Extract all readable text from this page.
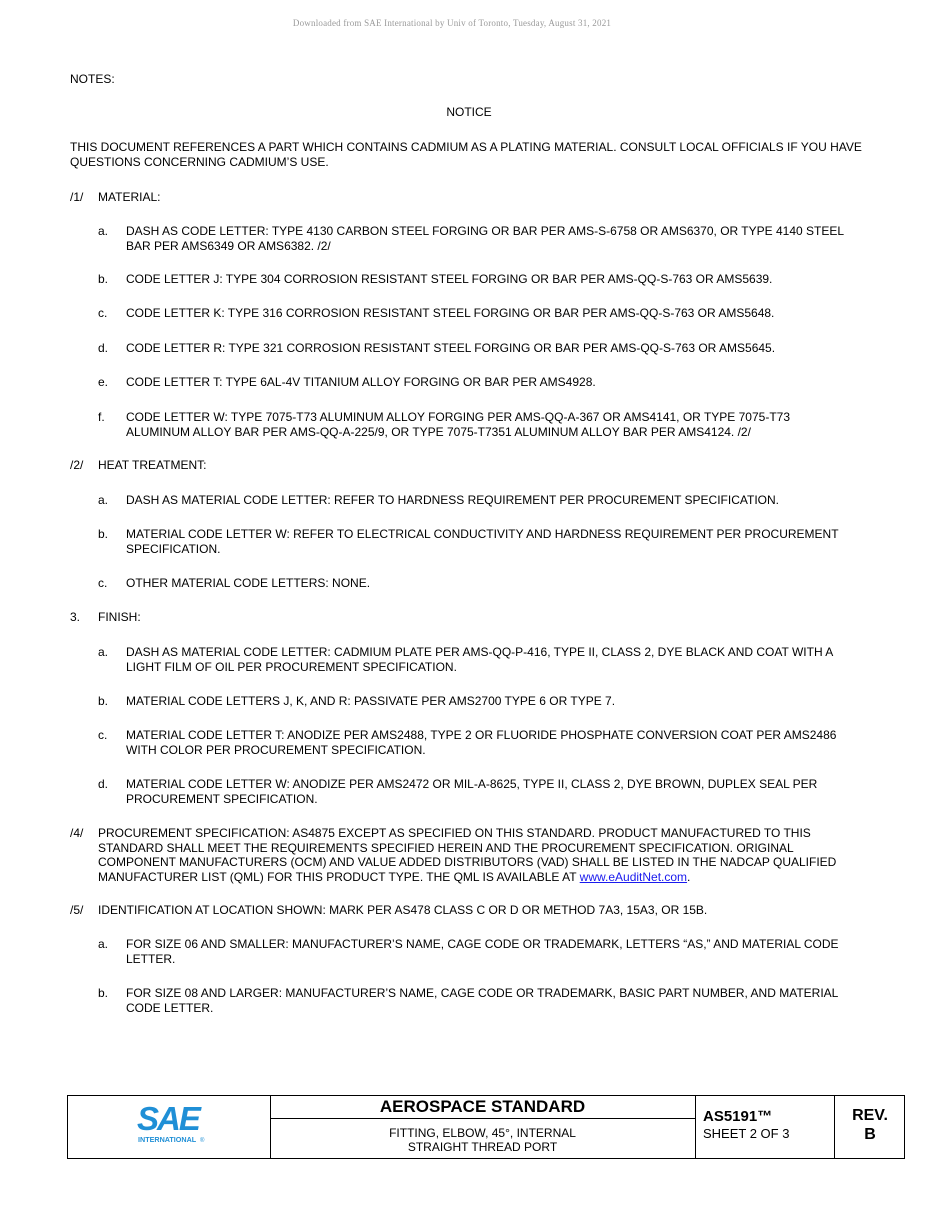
Downloaded from SAE International by Univ of Toronto, Tuesday, August 31, 2021
NOTES:
NOTICE
THIS DOCUMENT REFERENCES A PART WHICH CONTAINS CADMIUM AS A PLATING MATERIAL. CONSULT LOCAL OFFICIALS IF YOU HAVE QUESTIONS CONCERNING CADMIUM’S USE.
/1/ MATERIAL:
a. DASH AS CODE LETTER: TYPE 4130 CARBON STEEL FORGING OR BAR PER AMS-S-6758 OR AMS6370, OR TYPE 4140 STEEL BAR PER AMS6349 OR AMS6382. /2/
b. CODE LETTER J: TYPE 304 CORROSION RESISTANT STEEL FORGING OR BAR PER AMS-QQ-S-763 OR AMS5639.
c. CODE LETTER K: TYPE 316 CORROSION RESISTANT STEEL FORGING OR BAR PER AMS-QQ-S-763 OR AMS5648.
d. CODE LETTER R: TYPE 321 CORROSION RESISTANT STEEL FORGING OR BAR PER AMS-QQ-S-763 OR AMS5645.
e. CODE LETTER T: TYPE 6AL-4V TITANIUM ALLOY FORGING OR BAR PER AMS4928.
f. CODE LETTER W: TYPE 7075-T73 ALUMINUM ALLOY FORGING PER AMS-QQ-A-367 OR AMS4141, OR TYPE 7075-T73 ALUMINUM ALLOY BAR PER AMS-QQ-A-225/9, OR TYPE 7075-T7351 ALUMINUM ALLOY BAR PER AMS4124. /2/
/2/ HEAT TREATMENT:
a. DASH AS MATERIAL CODE LETTER: REFER TO HARDNESS REQUIREMENT PER PROCUREMENT SPECIFICATION.
b. MATERIAL CODE LETTER W: REFER TO ELECTRICAL CONDUCTIVITY AND HARDNESS REQUIREMENT PER PROCUREMENT SPECIFICATION.
c. OTHER MATERIAL CODE LETTERS: NONE.
3. FINISH:
a. DASH AS MATERIAL CODE LETTER: CADMIUM PLATE PER AMS-QQ-P-416, TYPE II, CLASS 2, DYE BLACK AND COAT WITH A LIGHT FILM OF OIL PER PROCUREMENT SPECIFICATION.
b. MATERIAL CODE LETTERS J, K, AND R: PASSIVATE PER AMS2700 TYPE 6 OR TYPE 7.
c. MATERIAL CODE LETTER T: ANODIZE PER AMS2488, TYPE 2 OR FLUORIDE PHOSPHATE CONVERSION COAT PER AMS2486 WITH COLOR PER PROCUREMENT SPECIFICATION.
d. MATERIAL CODE LETTER W: ANODIZE PER AMS2472 OR MIL-A-8625, TYPE II, CLASS 2, DYE BROWN, DUPLEX SEAL PER PROCUREMENT SPECIFICATION.
/4/ PROCUREMENT SPECIFICATION: AS4875 EXCEPT AS SPECIFIED ON THIS STANDARD. PRODUCT MANUFACTURED TO THIS STANDARD SHALL MEET THE REQUIREMENTS SPECIFIED HEREIN AND THE PROCUREMENT SPECIFICATION. ORIGINAL COMPONENT MANUFACTURERS (OCM) AND VALUE ADDED DISTRIBUTORS (VAD) SHALL BE LISTED IN THE NADCAP QUALIFIED MANUFACTURER LIST (QML) FOR THIS PRODUCT TYPE. THE QML IS AVAILABLE AT www.eAuditNet.com.
/5/ IDENTIFICATION AT LOCATION SHOWN: MARK PER AS478 CLASS C OR D OR METHOD 7A3, 15A3, OR 15B.
a. FOR SIZE 06 AND SMALLER: MANUFACTURER’S NAME, CAGE CODE OR TRADEMARK, LETTERS “AS,” AND MATERIAL CODE LETTER.
b. FOR SIZE 08 AND LARGER: MANUFACTURER’S NAME, CAGE CODE OR TRADEMARK, BASIC PART NUMBER, AND MATERIAL CODE LETTER.
SAE
INTERNATIONAL ®
AEROSPACE STANDARD
FITTING, ELBOW, 45°, INTERNAL
STRAIGHT THREAD PORT
AS5191™
SHEET 2 OF 3
REV.
B
